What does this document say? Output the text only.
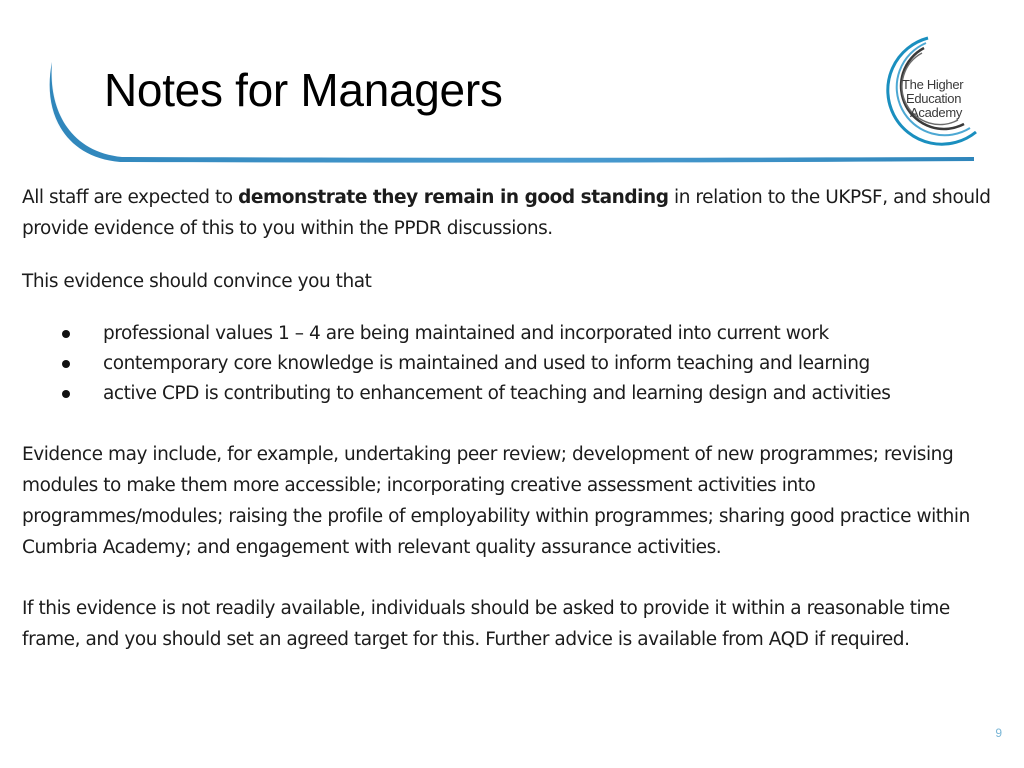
Notes for Managers	The Higher
Education
Academy

All staff are expected to demonstrate they remain in good standing in relation to the UKPSF, and should provide evidence of this to you within the PPDR discussions.

This evidence should convince you that

professional values 1 – 4 are being maintained and incorporated into current work
contemporary core knowledge is maintained and used to inform teaching and learning
active CPD is contributing to enhancement of teaching and learning design and activities

Evidence may include, for example, undertaking peer review; development of new programmes; revising modules to make them more accessible; incorporating creative assessment activities into programmes/modules; raising the profile of employability within programmes; sharing good practice within Cumbria Academy; and engagement with relevant quality assurance activities.

If this evidence is not readily available, individuals should be asked to provide it within a reasonable time frame, and you should set an agreed target for this. Further advice is available from AQD if required.

9
